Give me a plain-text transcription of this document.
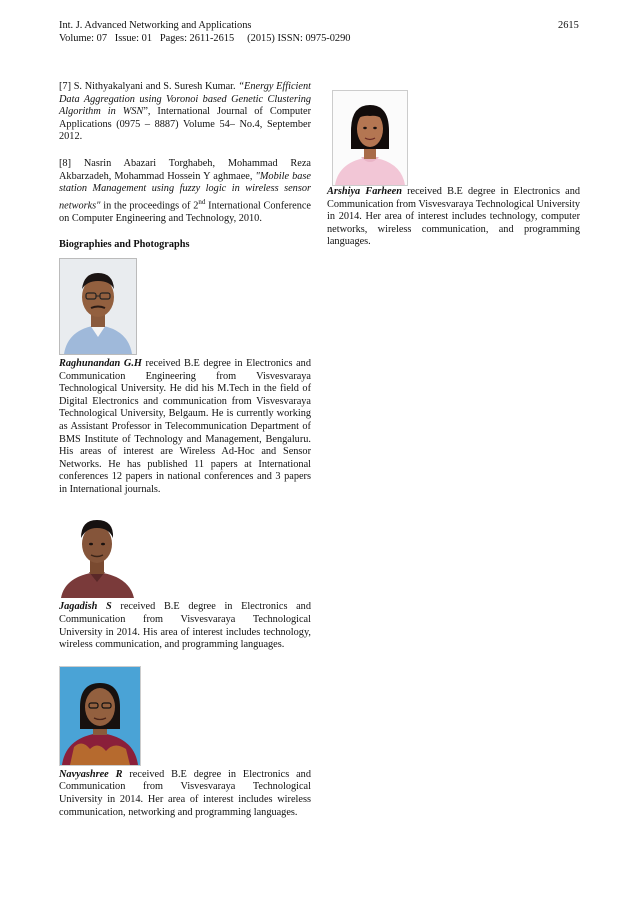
Int. J. Advanced Networking and Applications
Volume: 07   Issue: 01   Pages: 2611-2615     (2015) ISSN: 0975-0290
2615

[7] S. Nithyakalyani and S. Suresh Kumar. “Energy Efficient Data Aggregation using Voronoi based Genetic Clustering Algorithm in WSN”, International Journal of Computer Applications (0975 – 8887) Volume 54– No.4, September 2012.

[8] Nasrin Abazari Torghabeh, Mohammad Reza Akbarzadeh, Mohammad Hossein Y aghmaee, "Mobile base station Management using fuzzy logic in wireless sensor networks" in the proceedings of 2nd International Conference on Computer Engineering and Technology, 2010.

Biographies and Photographs

Raghunandan G.H received B.E degree in Electronics and Communication Engineering from Visvesvaraya Technological University. He did his M.Tech in the field of Digital Electronics and communication from Visvesvaraya Technological University, Belgaum. He is currently working as Assistant Professor in Telecommunication Department of BMS Institute of Technology and Management, Bengaluru. His areas of interest are Wireless Ad-Hoc and Sensor Networks. He has published 11 papers at International conferences 12 papers in national conferences and 3 papers in International journals.

Jagadish S received B.E degree in Electronics and Communication from Visvesvaraya Technological University in 2014. His area of interest includes technology, wireless communication, and programming languages.

Navyashree R received B.E degree in Electronics and Communication from Visvesvaraya Technological University in 2014. Her area of interest includes wireless communication, networking and programming languages.

Arshiya Farheen received B.E degree in Electronics and Communication from Visvesvaraya Technological University in 2014. Her area of interest includes technology, computer networks, wireless communication, and programming languages.
